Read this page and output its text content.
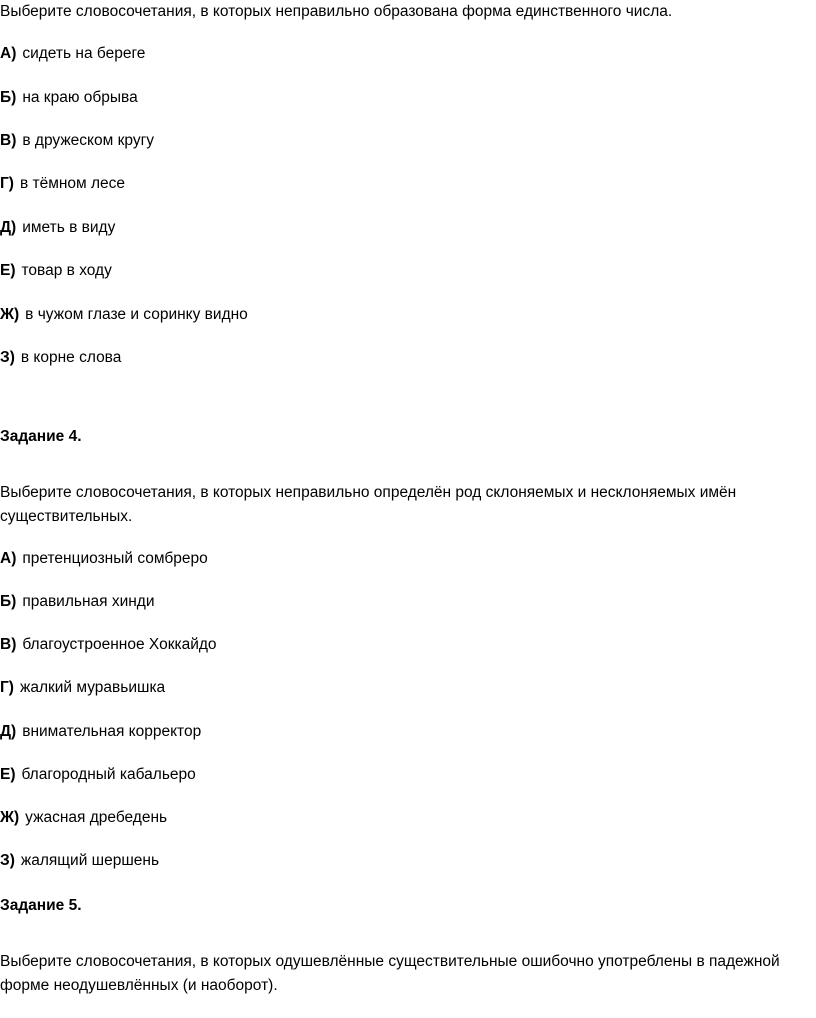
Выберите словосочетания, в которых неправильно образована форма единственного числа.
А) сидеть на береге
Б) на краю обрыва
В) в дружеском кругу
Г) в тёмном лесе
Д) иметь в виду
Е) товар в ходу
Ж) в чужом глазе и соринку видно
З) в корне слова
Задание 4.
Выберите словосочетания, в которых неправильно определён род склоняемых и несклоняемых имён
существительных.
А) претенциозный сомбреро
Б) правильная хинди
В) благоустроенное Хоккайдо
Г) жалкий муравьишка
Д) внимательная корректор
Е) благородный кабальеро
Ж) ужасная дребедень
З) жалящий шершень
Задание 5.
Выберите словосочетания, в которых одушевлённые существительные ошибочно употреблены в падежной
форме неодушевлённых (и наоборот).
